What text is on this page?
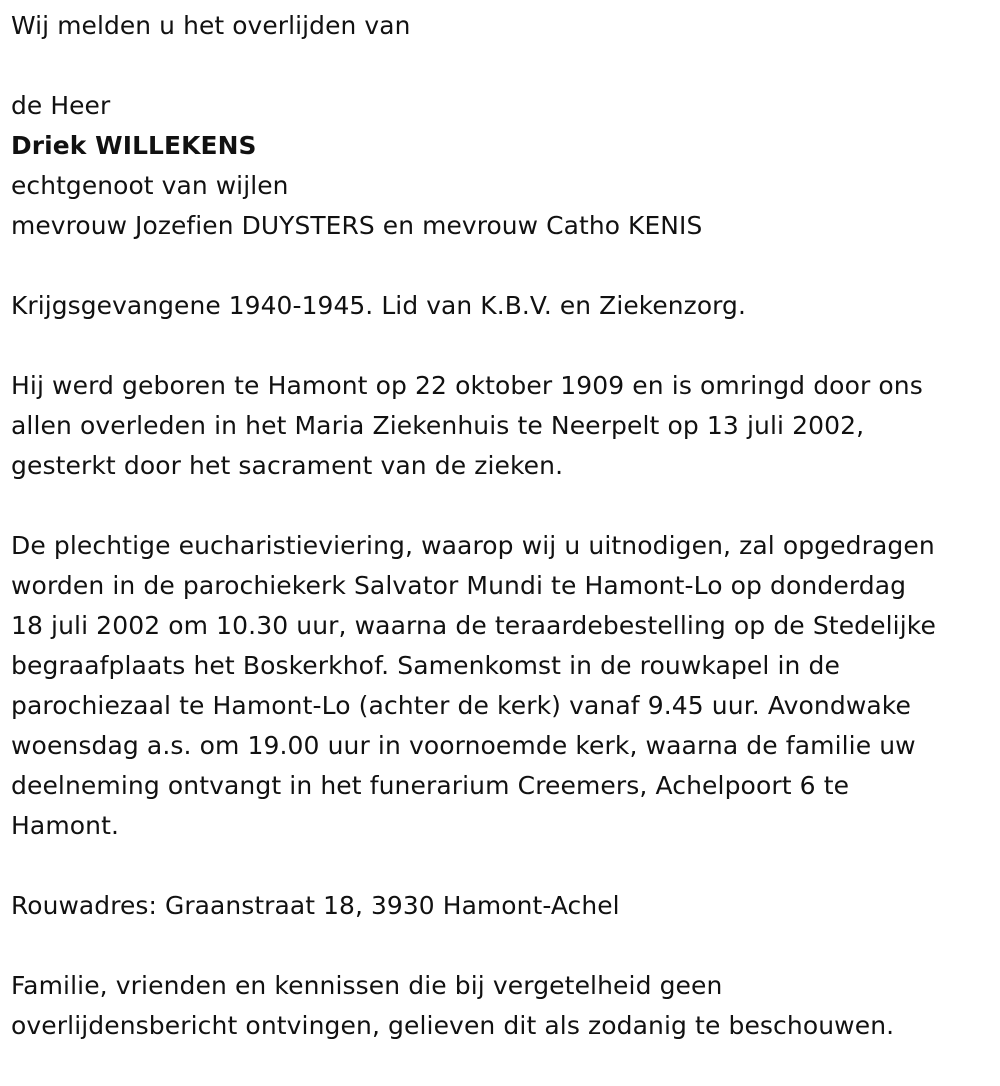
Wij melden u het overlijden van

de Heer

Driek WILLEKENS

echtgenoot van wijlen

mevrouw Jozefien DUYSTERS en mevrouw Catho KENIS

Krijgsgevangene 1940-1945. Lid van K.B.V. en Ziekenzorg.

Hij werd geboren te Hamont op 22 oktober 1909 en is omringd door ons

allen overleden in het Maria Ziekenhuis te Neerpelt op 13 juli 2002,

gesterkt door het sacrament van de zieken.

De plechtige eucharistieviering, waarop wij u uitnodigen, zal opgedragen

worden in de parochiekerk Salvator Mundi te Hamont-Lo op donderdag

18 juli 2002 om 10.30 uur, waarna de teraardebestelling op de Stedelijke

begraafplaats het Boskerkhof. Samenkomst in de rouwkapel in de

parochiezaal te Hamont-Lo (achter de kerk) vanaf 9.45 uur. Avondwake

woensdag a.s. om 19.00 uur in voornoemde kerk, waarna de familie uw

deelneming ontvangt in het funerarium Creemers, Achelpoort 6 te

Hamont.

Rouwadres: Graanstraat 18, 3930 Hamont-Achel

Familie, vrienden en kennissen die bij vergetelheid geen

overlijdensbericht ontvingen, gelieven dit als zodanig te beschouwen.
